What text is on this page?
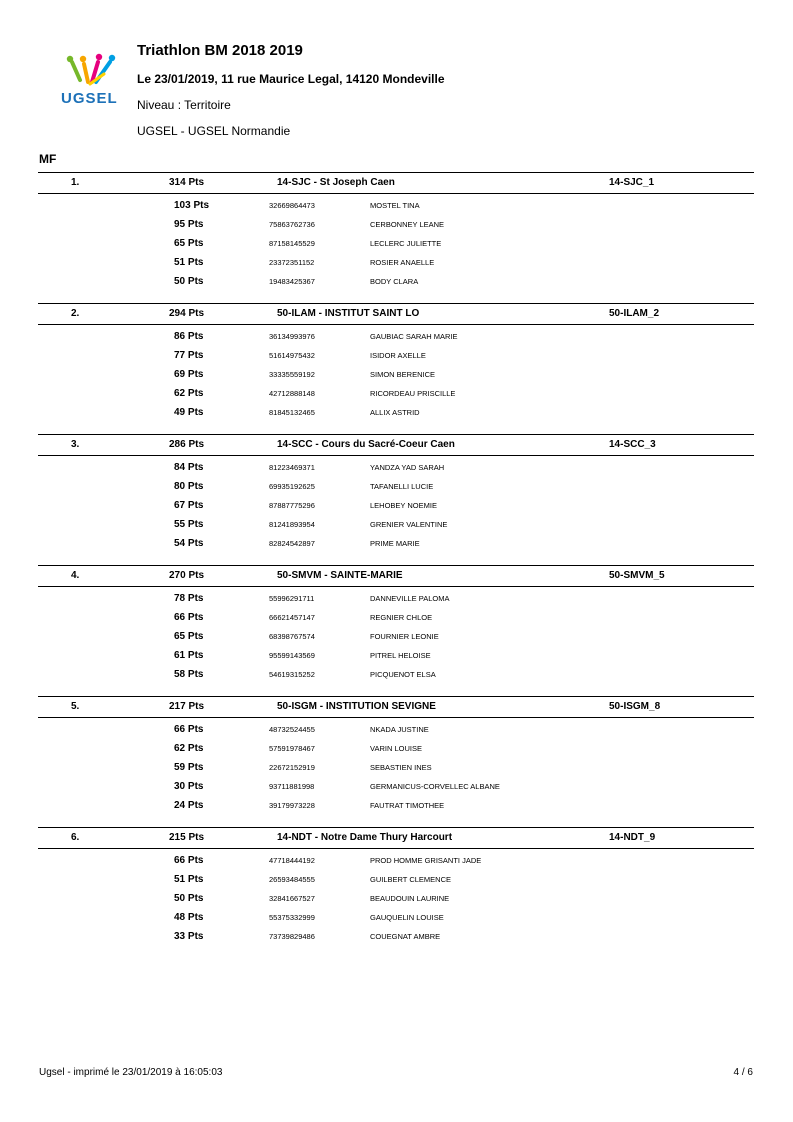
UGSEL

Triathlon BM 2018 2019

Le 23/01/2019, 11 rue Maurice Legal, 14120 Mondeville

Niveau : Territoire

UGSEL - UGSEL Normandie

MF
1.	314 Pts	14-SJC - St Joseph Caen	14-SJC_1
103 Pts	32669864473	MOSTEL TINA
95 Pts	75863762736	CERBONNEY LEANE
65 Pts	87158145529	LECLERC JULIETTE
51 Pts	23372351152	ROSIER ANAELLE
50 Pts	19483425367	BODY CLARA
2.	294 Pts	50-ILAM - INSTITUT SAINT LO	50-ILAM_2
86 Pts	36134993976	GAUBIAC SARAH MARIE
77 Pts	51614975432	ISIDOR AXELLE
69 Pts	33335559192	SIMON BERENICE
62 Pts	42712888148	RICORDEAU PRISCILLE
49 Pts	81845132465	ALLIX ASTRID
3.	286 Pts	14-SCC - Cours du Sacré-Coeur Caen	14-SCC_3
84 Pts	81223469371	YANDZA YAD SARAH
80 Pts	69935192625	TAFANELLI LUCIE
67 Pts	87887775296	LEHOBEY NOEMIE
55 Pts	81241893954	GRENIER VALENTINE
54 Pts	82824542897	PRIME MARIE
4.	270 Pts	50-SMVM - SAINTE-MARIE	50-SMVM_5
78 Pts	55996291711	DANNEVILLE PALOMA
66 Pts	66621457147	REGNIER CHLOE
65 Pts	68398767574	FOURNIER LEONIE
61 Pts	95599143569	PITREL HELOISE
58 Pts	54619315252	PICQUENOT ELSA
5.	217 Pts	50-ISGM - INSTITUTION SEVIGNE	50-ISGM_8
66 Pts	48732524455	NKADA JUSTINE
62 Pts	57591978467	VARIN LOUISE
59 Pts	22672152919	SEBASTIEN INES
30 Pts	93711881998	GERMANICUS-CORVELLEC ALBANE
24 Pts	39179973228	FAUTRAT TIMOTHEE
6.	215 Pts	14-NDT - Notre Dame Thury Harcourt	14-NDT_9
66 Pts	47718444192	PROD HOMME GRISANTI JADE
51 Pts	26593484555	GUILBERT CLEMENCE
50 Pts	32841667527	BEAUDOUIN LAURINE
48 Pts	55375332999	GAUQUELIN LOUISE
33 Pts	73739829486	COUEGNAT AMBRE
Ugsel - imprimé le 23/01/2019 à 16:05:03	4 / 6
